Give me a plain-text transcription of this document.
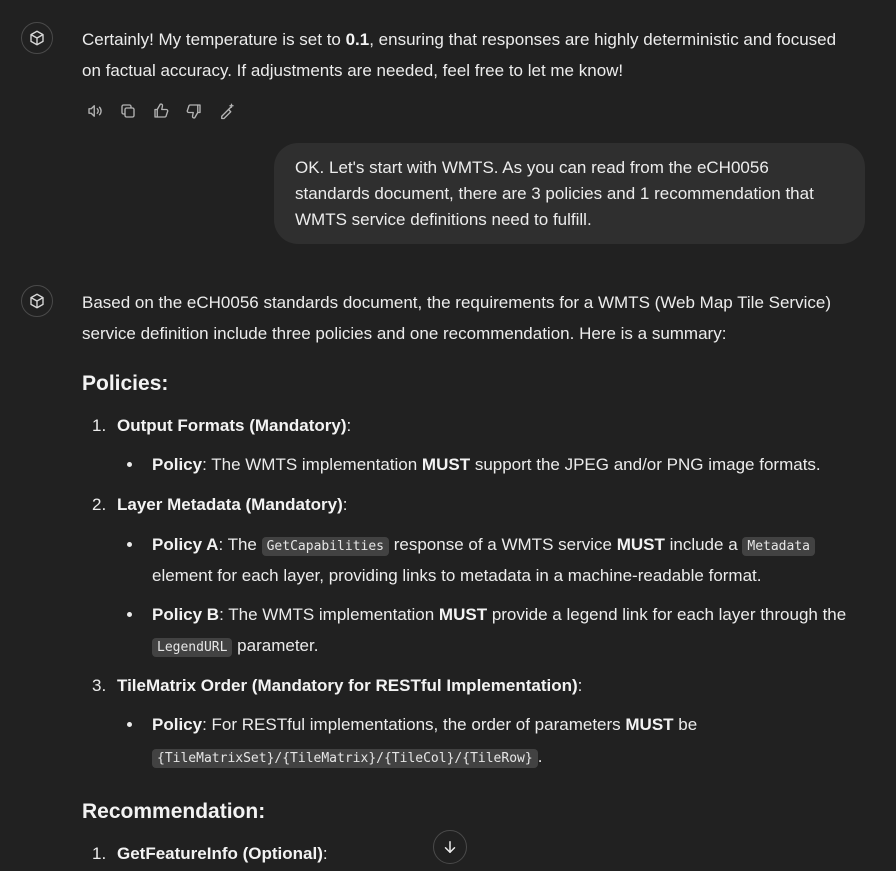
Certainly! My temperature is set to 0.1, ensuring that responses are highly deterministic and focused
on factual accuracy. If adjustments are needed, feel free to let me know!
OK. Let's start with WMTS. As you can read from the eCH0056 standards document, there are 3 policies and 1 recommendation that WMTS service definitions need to fulfill.
Based on the eCH0056 standards document, the requirements for a WMTS (Web Map Tile Service)
service definition include three policies and one recommendation. Here is a summary:
Policies:
1. Output Formats (Mandatory):
Policy: The WMTS implementation MUST support the JPEG and/or PNG image formats.
2. Layer Metadata (Mandatory):
Policy A: The GetCapabilities response of a WMTS service MUST include a Metadata
element for each layer, providing links to metadata in a machine-readable format.
Policy B: The WMTS implementation MUST provide a legend link for each layer through the
LegendURL parameter.
3. TileMatrix Order (Mandatory for RESTful Implementation):
Policy: For RESTful implementations, the order of parameters MUST be
{TileMatrixSet}/{TileMatrix}/{TileCol}/{TileRow} .
Recommendation:
1. GetFeatureInfo (Optional):
